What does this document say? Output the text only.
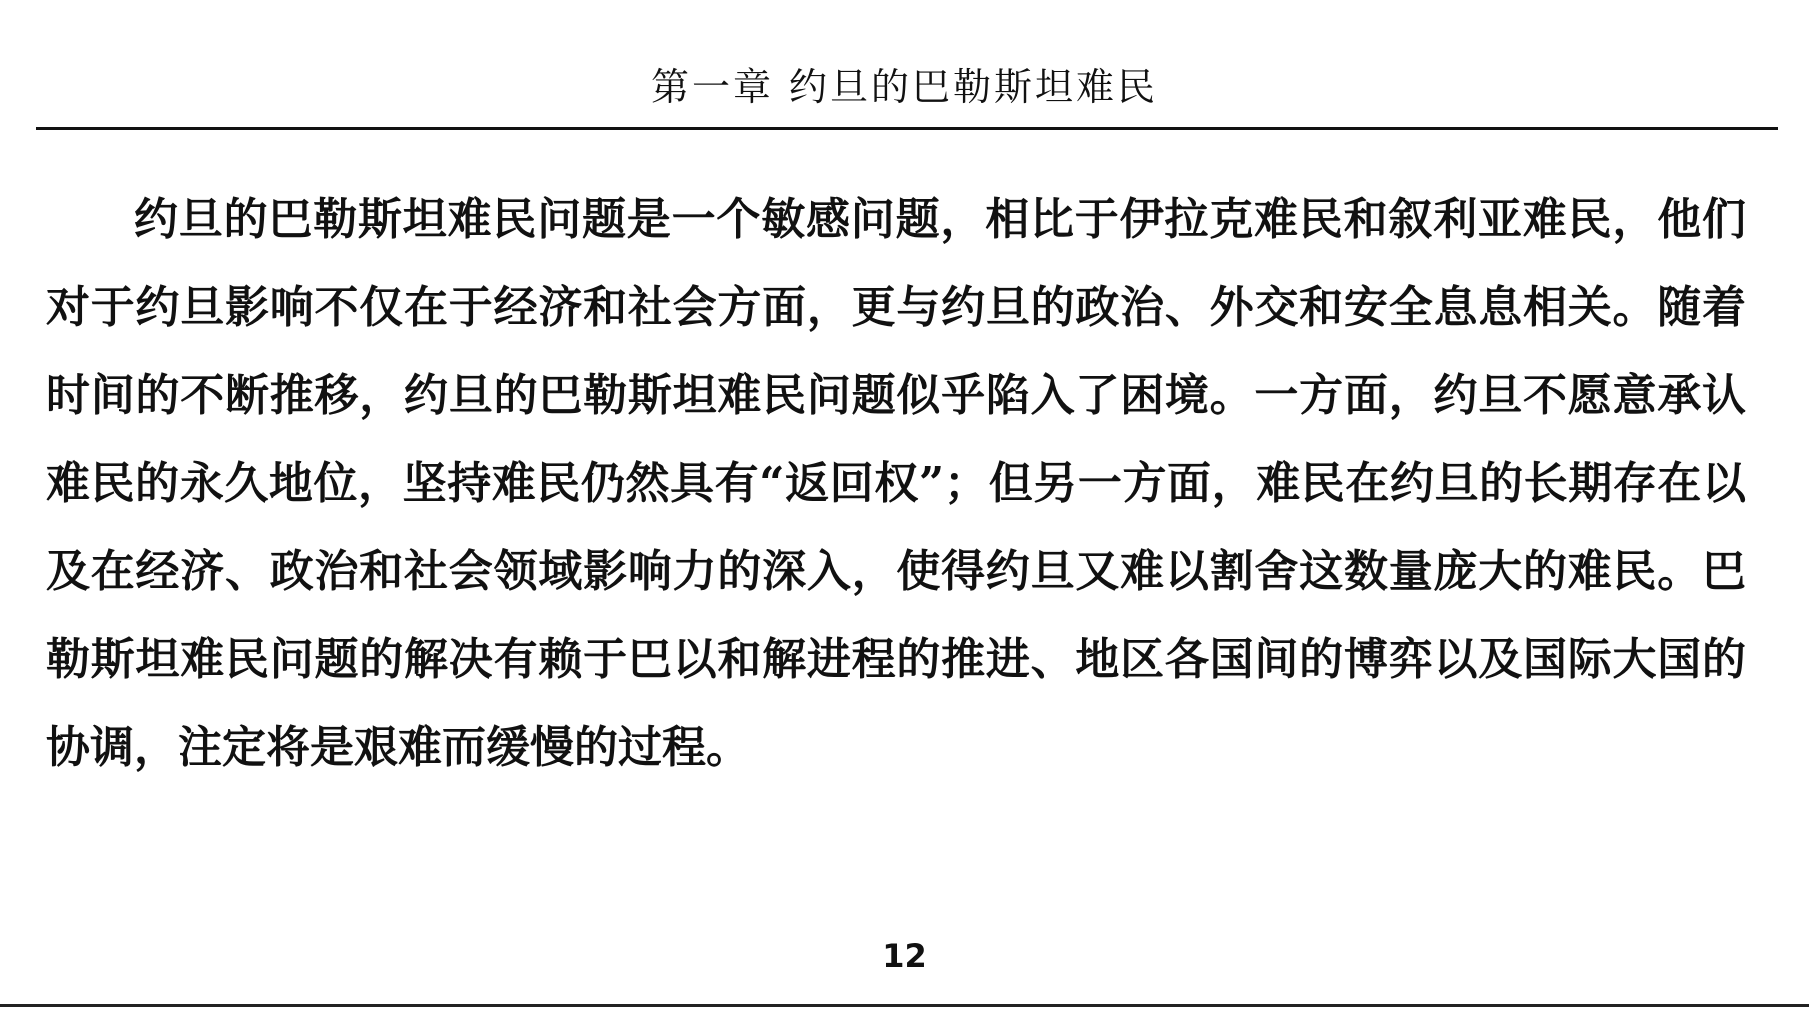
第一章 约旦的巴勒斯坦难民

约旦的巴勒斯坦难民问题是一个敏感问题，相比于伊拉克难民和叙利亚难民，他们对于约旦影响不仅在于经济和社会方面，更与约旦的政治、外交和安全息息相关。随着时间的不断推移，约旦的巴勒斯坦难民问题似乎陷入了困境。一方面，约旦不愿意承认难民的永久地位，坚持难民仍然具有“返回权”；但另一方面，难民在约旦的长期存在以及在经济、政治和社会领域影响力的深入，使得约旦又难以割舍这数量庞大的难民。巴勒斯坦难民问题的解决有赖于巴以和解进程的推进、地区各国间的博弈以及国际大国的协调，注定将是艰难而缓慢的过程。

12
